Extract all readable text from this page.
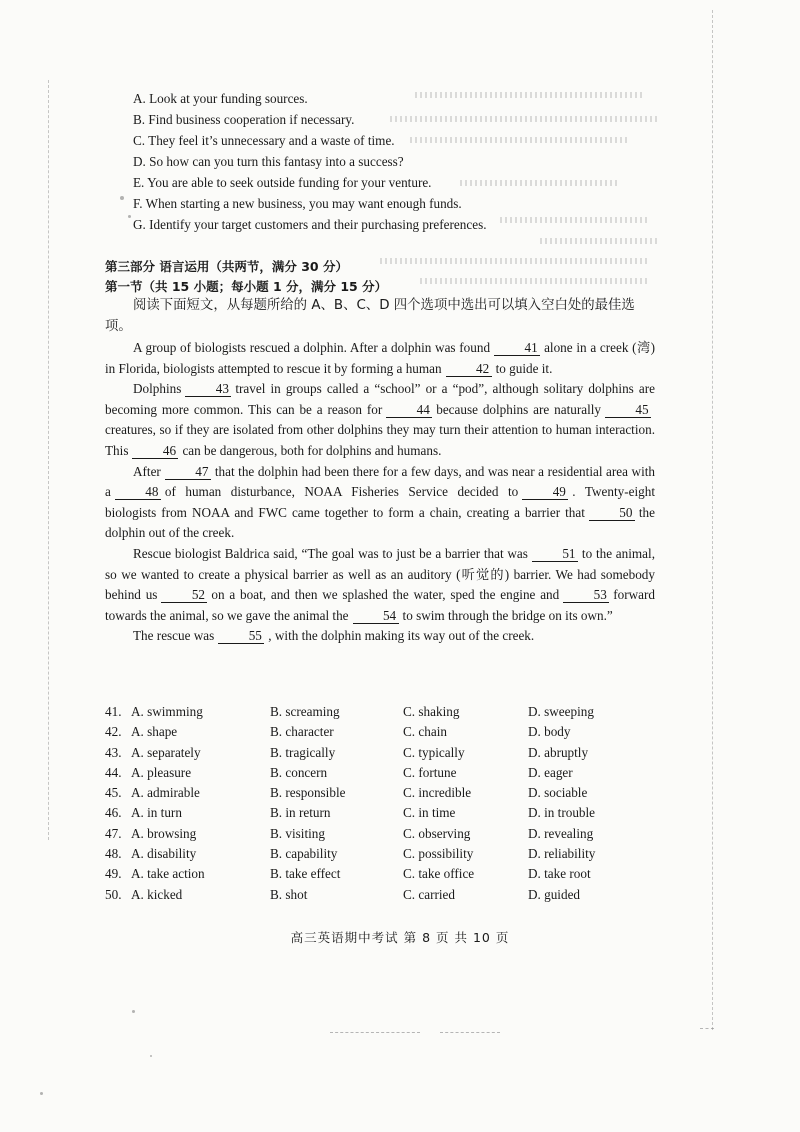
A. Look at your funding sources.
B. Find business cooperation if necessary.
C. They feel it’s unnecessary and a waste of time.
D. So how can you turn this fantasy into a success?
E. You are able to seek outside funding for your venture.
F. When starting a new business, you may want enough funds.
G. Identify your target customers and their purchasing preferences.
第三部分 语言运用（共两节，满分 30 分）
第一节（共 15 小题；每小题 1 分，满分 15 分）
阅读下面短文，从每题所给的 A、B、C、D 四个选项中选出可以填入空白处的最佳选项。

A group of biologists rescued a dolphin. After a dolphin was found	41 alone in a creek (湾) in Florida, biologists attempted to rescue it by forming a human	42 to guide it.

Dolphins	43 travel in groups called a “school” or a “pod”, although solitary dolphins are becoming more common. This can be a reason for	44 because dolphins are naturally	45creatures, so if they are isolated from other dolphins they may turn their attention to human interaction. This	46 can be dangerous, both for dolphins and humans.

After	47 that the dolphin had been there for a few days, and was near a residential area with a	48 of human disturbance, NOAA Fisheries Service decided to	49 . Twenty-eight biologists from NOAA and FWC came together to form a chain, creating a barrier that	50 the dolphin out of the creek.

Rescue biologist Baldrica said, “The goal was to just be a barrier that was	51 to the animal, so we wanted to create a physical barrier as well as an auditory (听觉的) barrier. We had somebody behind us	52 on a boat, and then we splashed the water, sped the engine and	53 forward towards the animal, so we gave the animal the	54 to swim through the bridge on its own.”

The rescue was	55 , with the dolphin making its way out of the creek.

41. A. swimming	B. screaming	C. shaking	D. sweeping
42. A. shape	B. character	C. chain	D. body
43. A. separately	B. tragically	C. typically	D. abruptly
44. A. pleasure	B. concern	C. fortune	D. eager
45. A. admirable	B. responsible	C. incredible	D. sociable
46. A. in turn	B. in return	C. in time	D. in trouble
47. A. browsing	B. visiting	C. observing	D. revealing
48. A. disability	B. capability	C. possibility	D. reliability
49. A. take action	B. take effect	C. take office	D. take root
50. A. kicked	B. shot	C. carried	D. guided
高三英语期中考试 第 8 页 共 10 页
